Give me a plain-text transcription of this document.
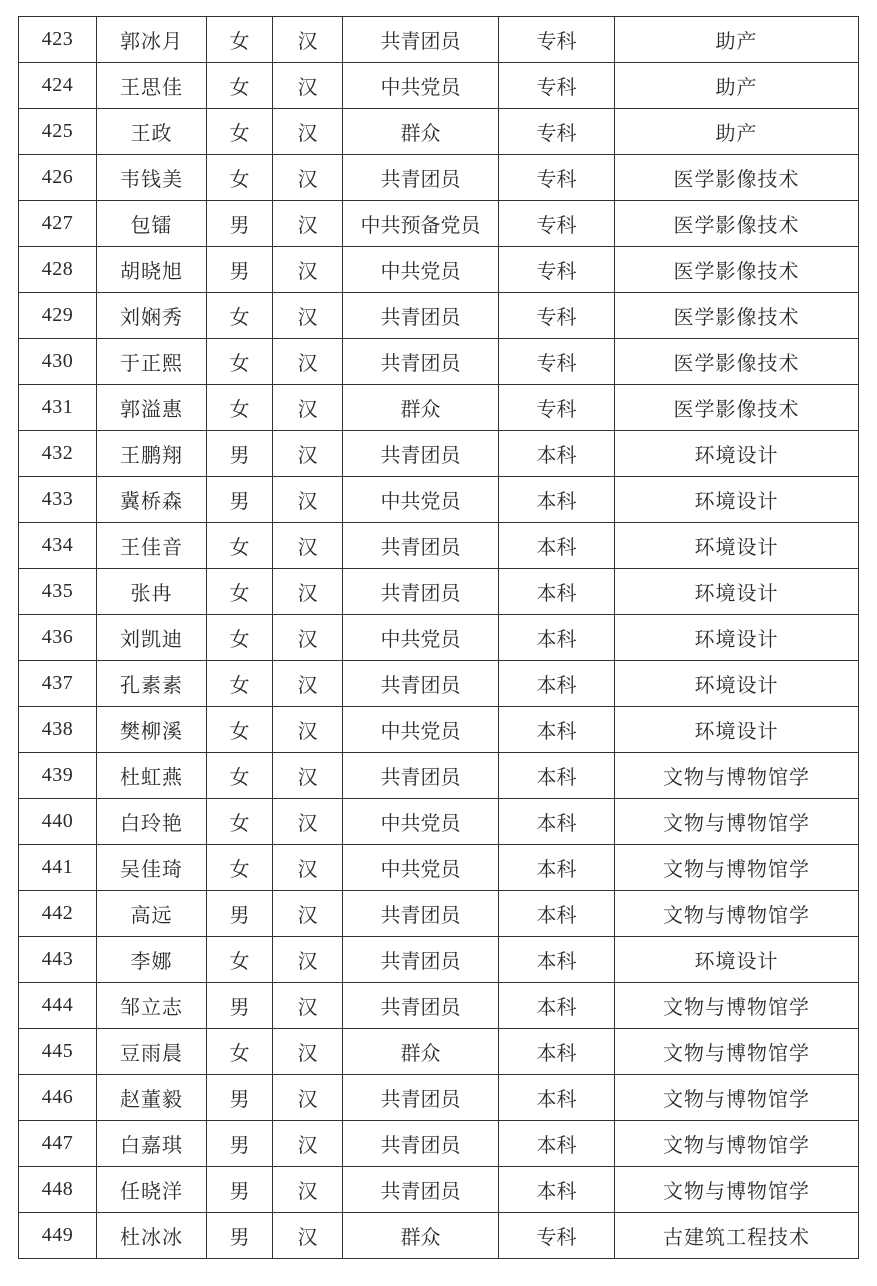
423	郭冰月	女	汉	共青团员	专科	助产
424	王思佳	女	汉	中共党员	专科	助产
425	王政	女	汉	群众	专科	助产
426	韦钱美	女	汉	共青团员	专科	医学影像技术
427	包镭	男	汉	中共预备党员	专科	医学影像技术
428	胡晓旭	男	汉	中共党员	专科	医学影像技术
429	刘娴秀	女	汉	共青团员	专科	医学影像技术
430	于正熙	女	汉	共青团员	专科	医学影像技术
431	郭溢惠	女	汉	群众	专科	医学影像技术
432	王鹏翔	男	汉	共青团员	本科	环境设计
433	冀桥森	男	汉	中共党员	本科	环境设计
434	王佳音	女	汉	共青团员	本科	环境设计
435	张冉	女	汉	共青团员	本科	环境设计
436	刘凯迪	女	汉	中共党员	本科	环境设计
437	孔素素	女	汉	共青团员	本科	环境设计
438	樊柳溪	女	汉	中共党员	本科	环境设计
439	杜虹燕	女	汉	共青团员	本科	文物与博物馆学
440	白玲艳	女	汉	中共党员	本科	文物与博物馆学
441	吴佳琦	女	汉	中共党员	本科	文物与博物馆学
442	高远	男	汉	共青团员	本科	文物与博物馆学
443	李娜	女	汉	共青团员	本科	环境设计
444	邹立志	男	汉	共青团员	本科	文物与博物馆学
445	豆雨晨	女	汉	群众	本科	文物与博物馆学
446	赵董毅	男	汉	共青团员	本科	文物与博物馆学
447	白嘉琪	男	汉	共青团员	本科	文物与博物馆学
448	任晓洋	男	汉	共青团员	本科	文物与博物馆学
449	杜冰冰	男	汉	群众	专科	古建筑工程技术
